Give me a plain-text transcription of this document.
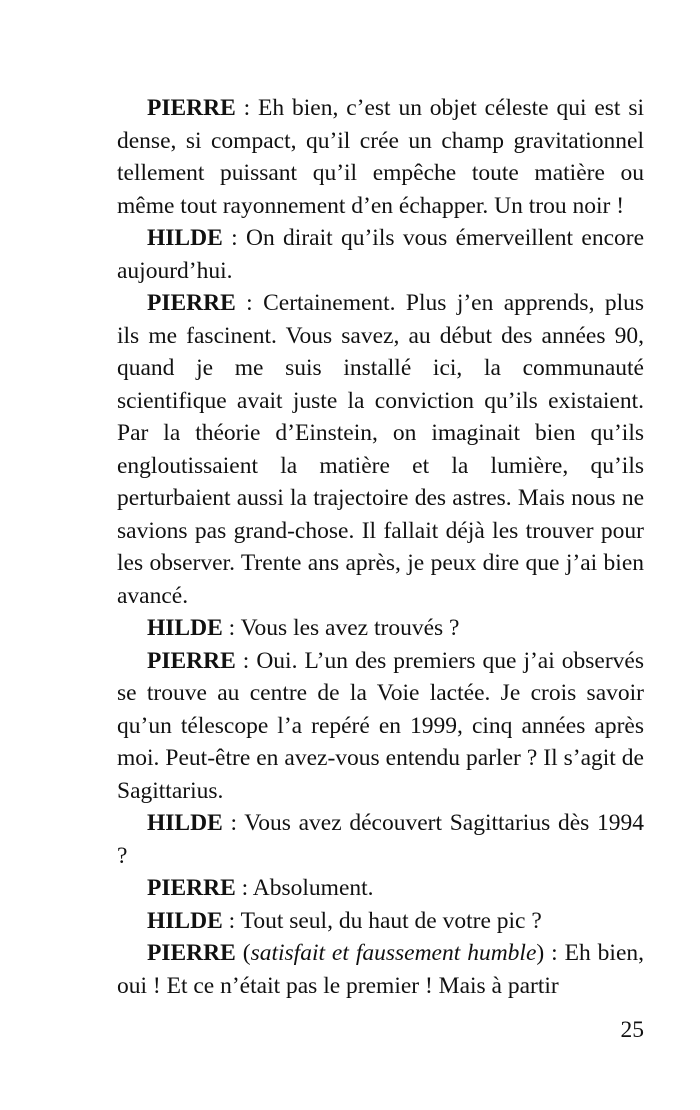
PIERRE : Eh bien, c’est un objet céleste qui est si dense, si compact, qu’il crée un champ gravitationnel tellement puissant qu’il empêche toute matière ou même tout rayonnement d’en échapper. Un trou noir !

HILDE : On dirait qu’ils vous émerveillent encore aujourd’hui.

PIERRE : Certainement. Plus j’en apprends, plus ils me fascinent. Vous savez, au début des années 90, quand je me suis installé ici, la communauté scientifique avait juste la conviction qu’ils existaient. Par la théorie d’Einstein, on imaginait bien qu’ils engloutissaient la matière et la lumière, qu’ils perturbaient aussi la trajectoire des astres. Mais nous ne savions pas grand-chose. Il fallait déjà les trouver pour les observer. Trente ans après, je peux dire que j’ai bien avancé.

HILDE : Vous les avez trouvés ?

PIERRE : Oui. L’un des premiers que j’ai observés se trouve au centre de la Voie lactée. Je crois savoir qu’un télescope l’a repéré en 1999, cinq années après moi. Peut-être en avez-vous entendu parler ? Il s’agit de Sagittarius.

HILDE : Vous avez découvert Sagittarius dès 1994 ?

PIERRE : Absolument.

HILDE : Tout seul, du haut de votre pic ?

PIERRE (satisfait et faussement humble) : Eh bien, oui ! Et ce n’était pas le premier ! Mais à partir

25
